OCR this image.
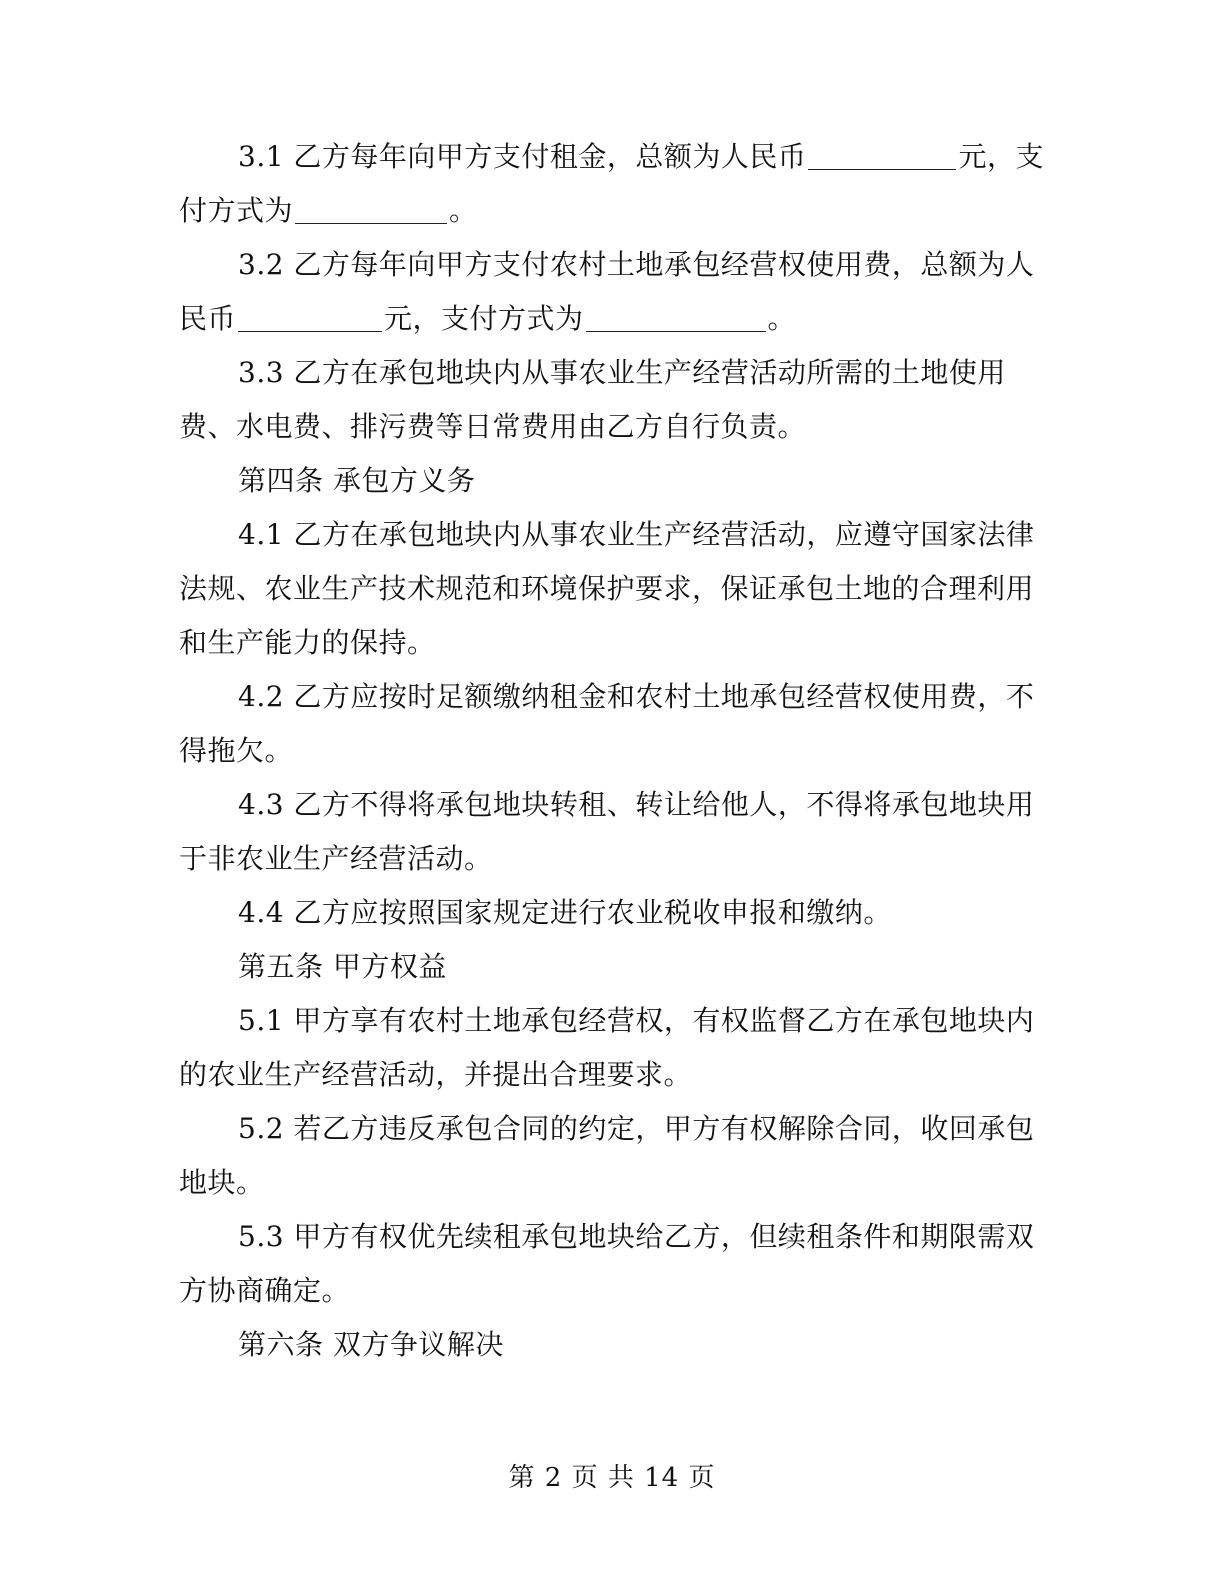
3.1 乙方每年向甲方支付租金，总额为人民币	元，支
付方式为	。
3.2 乙方每年向甲方支付农村土地承包经营权使用费，总额为人
民币	元，支付方式为	。
3.3 乙方在承包地块内从事农业生产经营活动所需的土地使用
费、水电费、排污费等日常费用由乙方自行负责。
第四条 承包方义务
4.1 乙方在承包地块内从事农业生产经营活动，应遵守国家法律
法规、农业生产技术规范和环境保护要求，保证承包土地的合理利用
和生产能力的保持。
4.2 乙方应按时足额缴纳租金和农村土地承包经营权使用费，不
得拖欠。
4.3 乙方不得将承包地块转租、转让给他人，不得将承包地块用
于非农业生产经营活动。
4.4 乙方应按照国家规定进行农业税收申报和缴纳。
第五条 甲方权益
5.1 甲方享有农村土地承包经营权，有权监督乙方在承包地块内
的农业生产经营活动，并提出合理要求。
5.2 若乙方违反承包合同的约定，甲方有权解除合同，收回承包
地块。
5.3 甲方有权优先续租承包地块给乙方，但续租条件和期限需双
方协商确定。
第六条 双方争议解决
第 2 页 共 14 页
